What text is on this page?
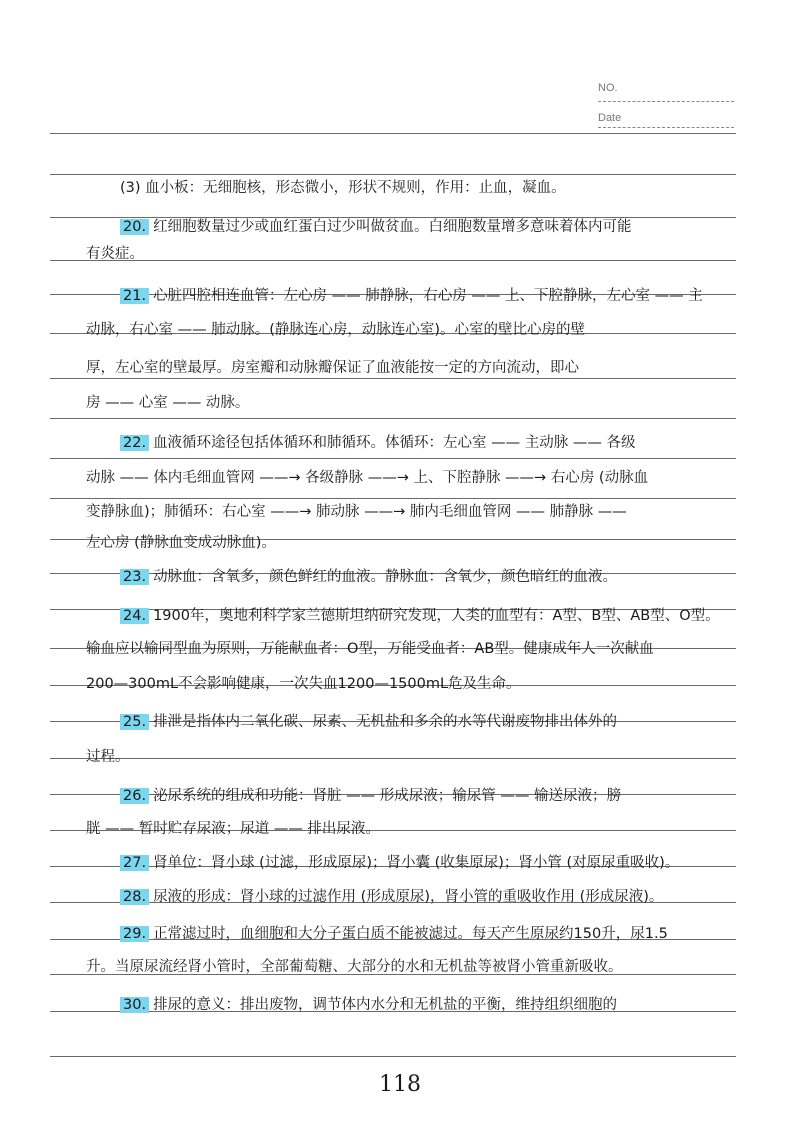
NO.
Date
(3) 血小板：无细胞核，形态微小，形状不规则，作用：止血，凝血。
20. 红细胞数量过少或血红蛋白过少叫做贫血。白细胞数量增多意味着体内可能
有炎症。
21. 心脏四腔相连血管：左心房 —— 肺静脉，右心房 —— 上、下腔静脉，左心室 —— 主
动脉，右心室 —— 肺动脉。(静脉连心房，动脉连心室)。心室的壁比心房的壁
厚，左心室的壁最厚。房室瓣和动脉瓣保证了血液能按一定的方向流动，即心
房 —— 心室 —— 动脉。
22. 血液循环途径包括体循环和肺循环。体循环：左心室 —— 主动脉 —— 各级
动脉 —— 体内毛细血管网 ——→ 各级静脉 ——→ 上、下腔静脉 ——→ 右心房 (动脉血
变静脉血)；肺循环：右心室 ——→ 肺动脉 ——→ 肺内毛细血管网 —— 肺静脉 ——
左心房 (静脉血变成动脉血)。
23. 动脉血：含氧多，颜色鲜红的血液。静脉血：含氧少，颜色暗红的血液。
24. 1900年，奥地利科学家兰德斯坦纳研究发现，人类的血型有：A型、B型、AB型、O型。
输血应以输同型血为原则，万能献血者：O型，万能受血者：AB型。健康成年人一次献血
200—300mL不会影响健康，一次失血1200—1500mL危及生命。
25. 排泄是指体内二氧化碳、尿素、无机盐和多余的水等代谢废物排出体外的
过程。
26. 泌尿系统的组成和功能：肾脏 —— 形成尿液；输尿管 —— 输送尿液；膀
胱 —— 暂时贮存尿液；尿道 —— 排出尿液。
27. 肾单位：肾小球 (过滤，形成原尿)；肾小囊 (收集原尿)；肾小管 (对原尿重吸收)。
28. 尿液的形成：肾小球的过滤作用 (形成原尿)，肾小管的重吸收作用 (形成尿液)。
29. 正常滤过时，血细胞和大分子蛋白质不能被滤过。每天产生原尿约150升，尿1.5
升。当原尿流经肾小管时，全部葡萄糖、大部分的水和无机盐等被肾小管重新吸收。
30. 排尿的意义：排出废物，调节体内水分和无机盐的平衡，维持组织细胞的
118
